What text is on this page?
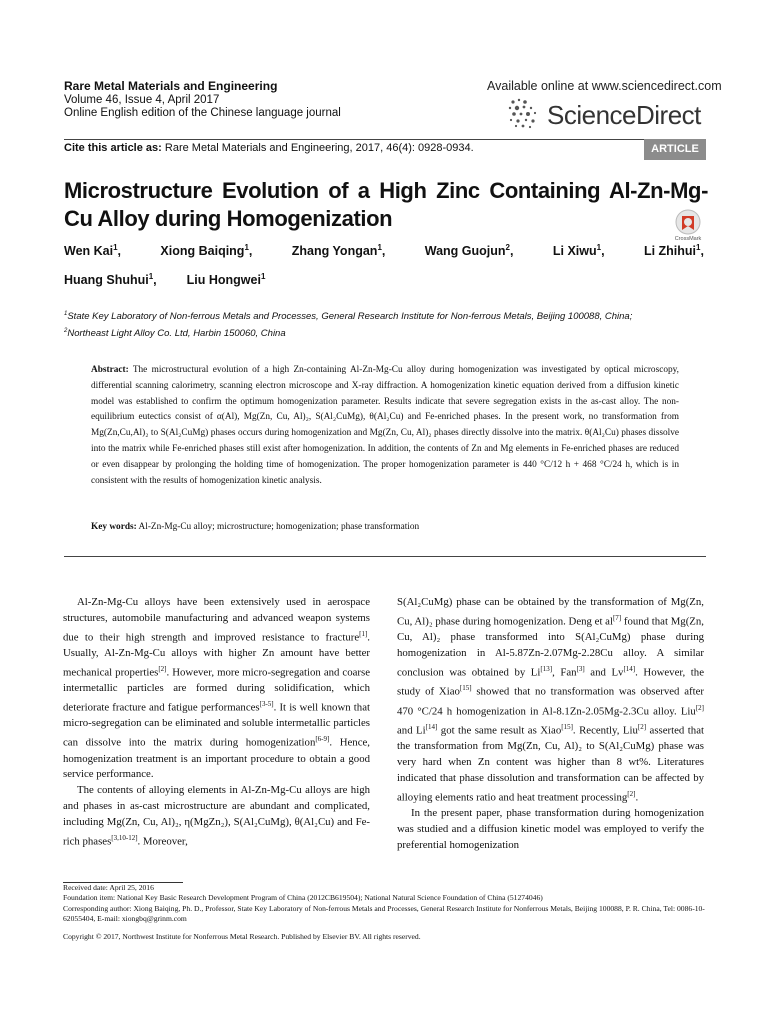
Rare Metal Materials and Engineering
Volume 46, Issue 4, April 2017
Online English edition of the Chinese language journal
Available online at www.sciencedirect.com
ScienceDirect
Cite this article as: Rare Metal Materials and Engineering, 2017, 46(4): 0928-0934.	ARTICLE
Microstructure Evolution of a High Zinc Containing Al-Zn-Mg-Cu Alloy during Homogenization
CrossMark
Wen Kai$^1$,	Xiong Baiqing$^1$,	Zhang Yongan$^1$,	Wang Guojun$^2$,	Li Xiwu$^1$,	Li Zhihui$^1$,
Huang Shuhui$^1$, Liu Hongwei$^1$
$^1$State Key Laboratory of Non-ferrous Metals and Processes, General Research Institute for Non-ferrous Metals, Beijing 100088, China;
$^2$Northeast Light Alloy Co. Ltd, Harbin 150060, China
Abstract: The microstructural evolution of a high Zn-containing Al-Zn-Mg-Cu alloy during homogenization was investigated by optical microscopy, differential scanning calorimetry, scanning electron microscope and X-ray diffraction. A homogenization kinetic equation derived from a diffusion kinetic model was established to confirm the optimum homogenization parameter. Results indicate that severe segregation exists in the as-cast alloy. The non-equilibrium eutectics consist of α(Al), Mg(Zn, Cu, Al)₂, S(Al₂CuMg), θ(Al₂Cu) and Fe-enriched phases. In the present work, no transformation from Mg(Zn,Cu,Al)₂ to S(Al₂CuMg) phases occurs during homogenization and Mg(Zn, Cu, Al)₂ phases directly dissolve into the matrix. θ(Al₂Cu) phases dissolve into the matrix while Fe-enriched phases still exist after homogenization. In addition, the contents of Zn and Mg elements in Fe-enriched phases are reduced or even disappear by prolonging the holding time of homogenization. The proper homogenization parameter is 440 °C/12 h + 468 °C/24 h, which is in consistent with the results of homogenization kinetic analysis.
Key words: Al-Zn-Mg-Cu alloy; microstructure; homogenization; phase transformation

Al-Zn-Mg-Cu alloys have been extensively used in aerospace structures, automobile manufacturing and advanced weapon systems due to their high strength and improved resistance to fracture[1]. Usually, Al-Zn-Mg-Cu alloys with higher Zn amount have better mechanical properties[2]. However, more micro-segregation and coarse intermetallic particles are formed during solidification, which deteriorate fracture and fatigue performances[3-5]. It is well known that micro-segregation can be eliminated and soluble intermetallic particles can dissolve into the matrix during homogenization[6-9]. Hence, homogenization treatment is an important procedure to obtain a good service performance.

The contents of alloying elements in Al-Zn-Mg-Cu alloys are high and phases in as-cast microstructure are abundant and complicated, including Mg(Zn, Cu, Al)₂, η(MgZn₂), S(Al₂CuMg), θ(Al₂Cu) and Fe-rich phases[3,10-12]. Moreover,

S(Al₂CuMg) phase can be obtained by the transformation of Mg(Zn, Cu, Al)₂ phase during homogenization. Deng et al[7] found that Mg(Zn, Cu, Al)₂ phase transformed into S(Al₂CuMg) phase during homogenization in Al-5.87Zn-2.07Mg-2.28Cu alloy. A similar conclusion was obtained by Li[13], Fan[3] and Lv[14]. However, the study of Xiao[15] showed that no transformation was observed after 470 °C/24 h homogenization in Al-8.1Zn-2.05Mg-2.3Cu alloy. Liu[2] and Li[14] got the same result as Xiao[15]. Recently, Liu[2] asserted that the transformation from Mg(Zn, Cu, Al)₂ to S(Al₂CuMg) phase was very hard when Zn content was higher than 8 wt%. Literatures indicated that phase dissolution and transformation can be affected by alloying elements ratio and heat treatment processing[2].

In the present paper, phase transformation during homogenization was studied and a diffusion kinetic model was employed to verify the preferential homogenization

Received date: April 25, 2016
Foundation item: National Key Basic Research Development Program of China (2012CB619504); National Natural Science Foundation of China (51274046)
Corresponding author: Xiong Baiqing, Ph. D., Professor, State Key Laboratory of Non-ferrous Metals and Processes, General Research Institute for Nonferrous Metals, Beijing 100088, P. R. China, Tel: 0086-10-62055404, E-mail: xiongbq@grinm.com
Copyright © 2017, Northwest Institute for Nonferrous Metal Research. Published by Elsevier BV. All rights reserved.
